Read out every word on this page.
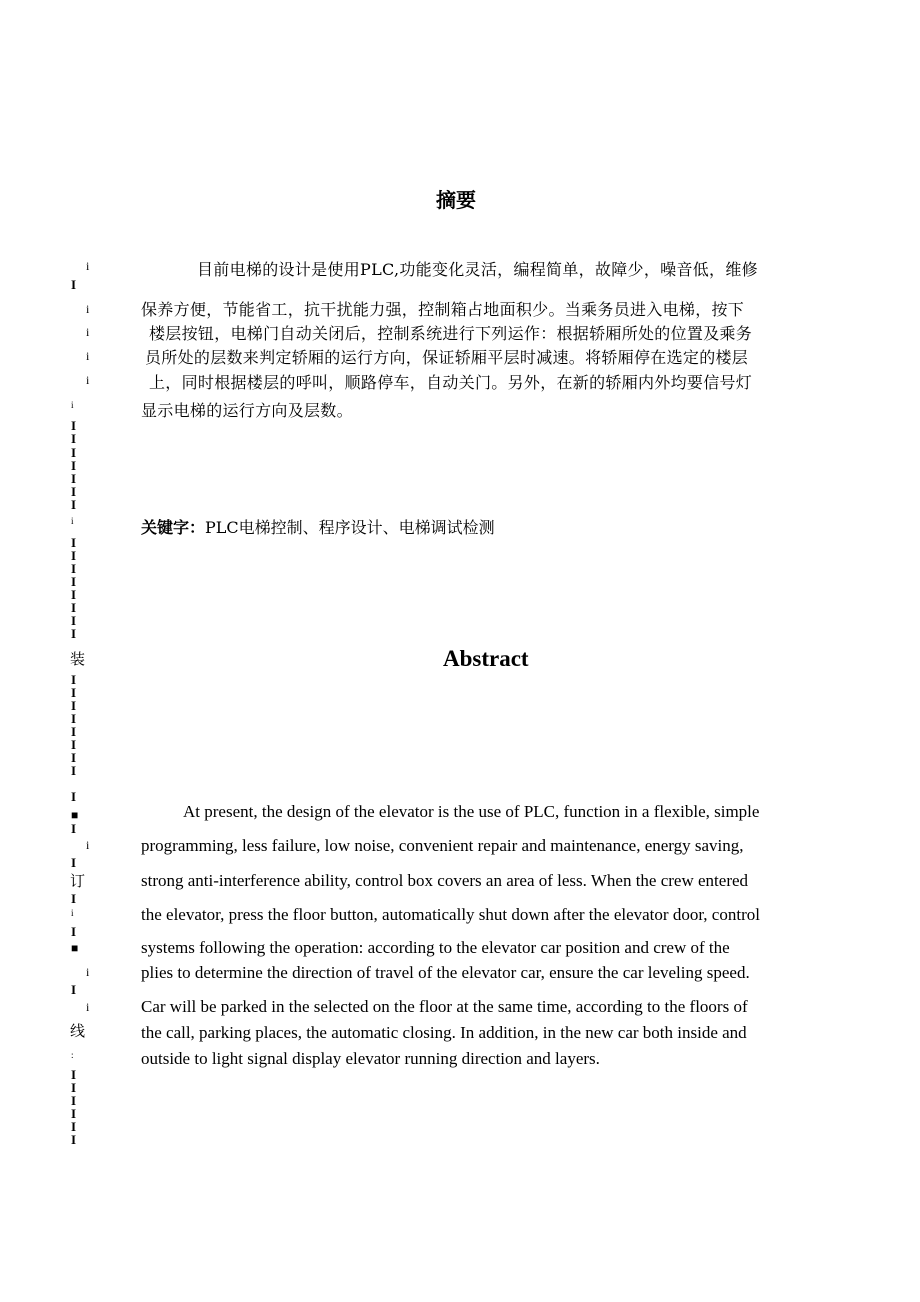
i
I
i
i
i
i
i
I
I
I
I
I
I
I
i
I
I
I
I
I
I
I
I
装
I
I
I
I
I
I
I
I
I
■
I
i
I
订
I
i
I
■
i
I
i
线
:
I
I
I
I
I
I
摘要
目前电梯的设计是使用PLC,功能变化灵活，编程简单，故障少，噪音低，维修
保养方便，节能省工，抗干扰能力强，控制箱占地面积少。当乘务员进入电梯，按下
楼层按钮，电梯门自动关闭后，控制系统进行下列运作：根据轿厢所处的位置及乘务
员所处的层数来判定轿厢的运行方向，保证轿厢平层时减速。将轿厢停在选定的楼层
上，同时根据楼层的呼叫，顺路停车，自动关门。另外，在新的轿厢内外均要信号灯
显示电梯的运行方向及层数。
关键字：PLC电梯控制、程序设计、电梯调试检测
Abstract
At present, the design of the elevator is the use of PLC, function in a flexible, simple
programming, less failure, low noise, convenient repair and maintenance, energy saving,
strong anti-interference ability, control box covers an area of less. When the crew entered
the elevator, press the floor button, automatically shut down after the elevator door, control
systems following the operation: according to the elevator car position and crew of the
plies to determine the direction of travel of the elevator car, ensure the car leveling speed.
Car will be parked in the selected on the floor at the same time, according to the floors of
the call, parking places, the automatic closing. In addition, in the new car both inside and
outside to light signal display elevator running direction and layers.
